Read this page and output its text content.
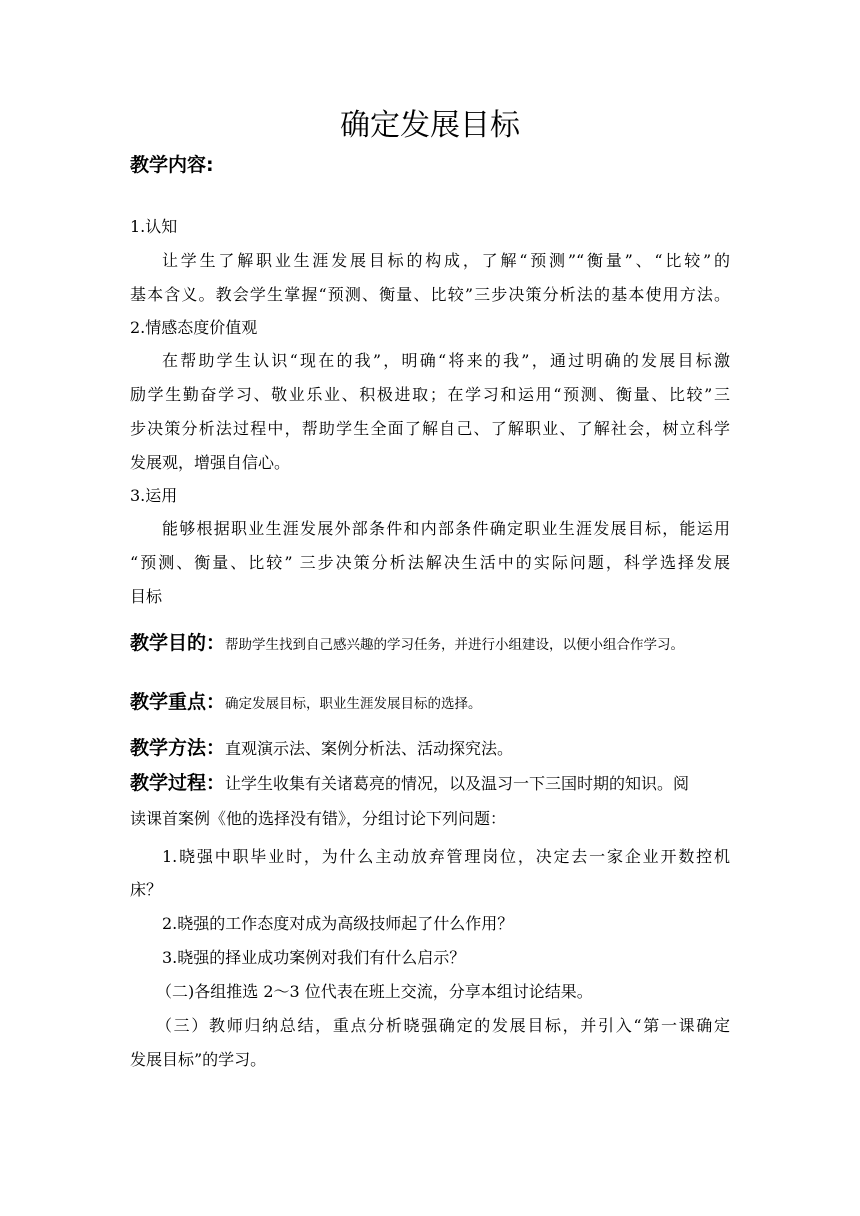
确定发展目标
教学内容:
1.认知
让学生了解职业生涯发展目标的构成，了解“预测”“衡量”、“比较”的
基本含义。教会学生掌握“预测、衡量、比较”三步决策分析法的基本使用方法。
2.情感态度价值观
在帮助学生认识“现在的我”，明确“将来的我”，通过明确的发展目标激
励学生勤奋学习、敬业乐业、积极进取；在学习和运用“预测、衡量、比较”三
步决策分析法过程中，帮助学生全面了解自己、了解职业、了解社会，树立科学
发展观，增强自信心。
3.运用
能够根据职业生涯发展外部条件和内部条件确定职业生涯发展目标，能运用
“预测、衡量、比较” 三步决策分析法解决生活中的实际问题，科学选择发展
目标
教学目的：帮助学生找到自己感兴趣的学习任务，并进行小组建设，以便小组合作学习。
教学重点：确定发展目标，职业生涯发展目标的选择。
教学方法：直观演示法、案例分析法、活动探究法。
教学过程：让学生收集有关诸葛亮的情况，以及温习一下三国时期的知识。阅
读课首案例《他的选择没有错》，分组讨论下列问题：
1.晓强中职毕业时，为什么主动放弃管理岗位，决定去一家企业开数控机
床？
2.晓强的工作态度对成为高级技师起了什么作用？
3.晓强的择业成功案例对我们有什么启示？
（二)各组推选 2～3 位代表在班上交流，分享本组讨论结果。
（三）教师归纳总结，重点分析晓强确定的发展目标，并引入“第一课确定
发展目标”的学习。
